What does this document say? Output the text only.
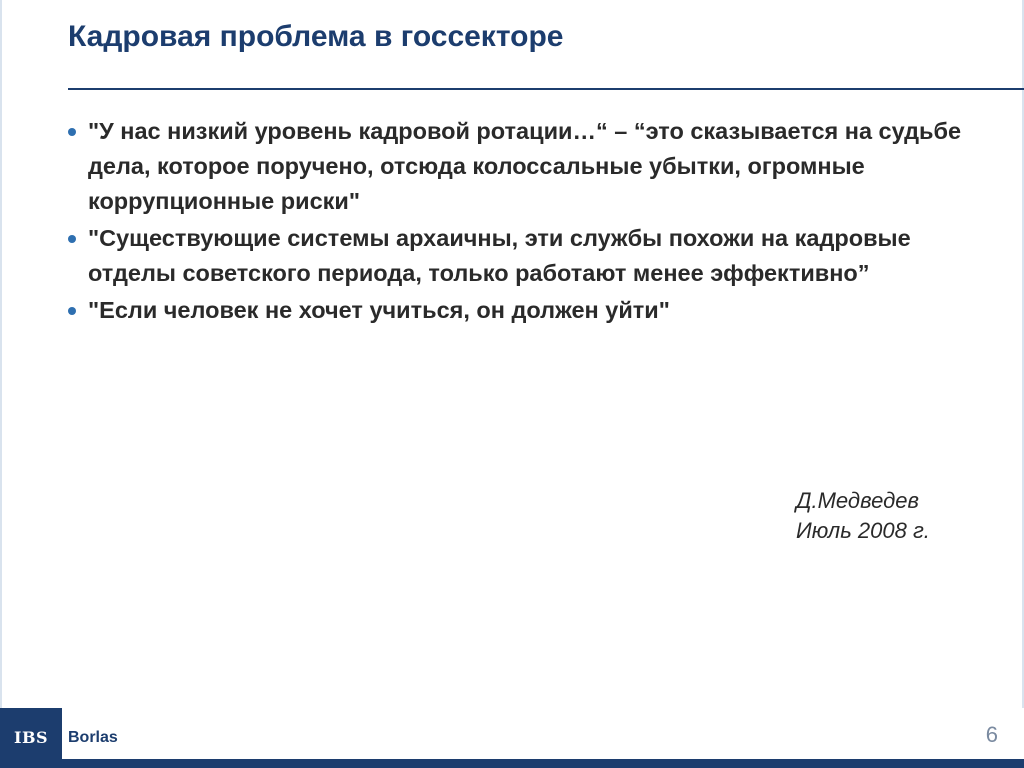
Кадровая проблема в госсекторе
"У нас низкий уровень кадровой ротации…“ – “это сказывается на судьбе дела, которое поручено, отсюда колоссальные убытки, огромные коррупционные риски"
"Существующие системы архаичны, эти службы похожи на кадровые отделы советского периода, только работают менее эффективно”
"Если человек не хочет учиться, он должен уйти"
Д.Медведев
Июль 2008 г.
IBS	Borlas	6
